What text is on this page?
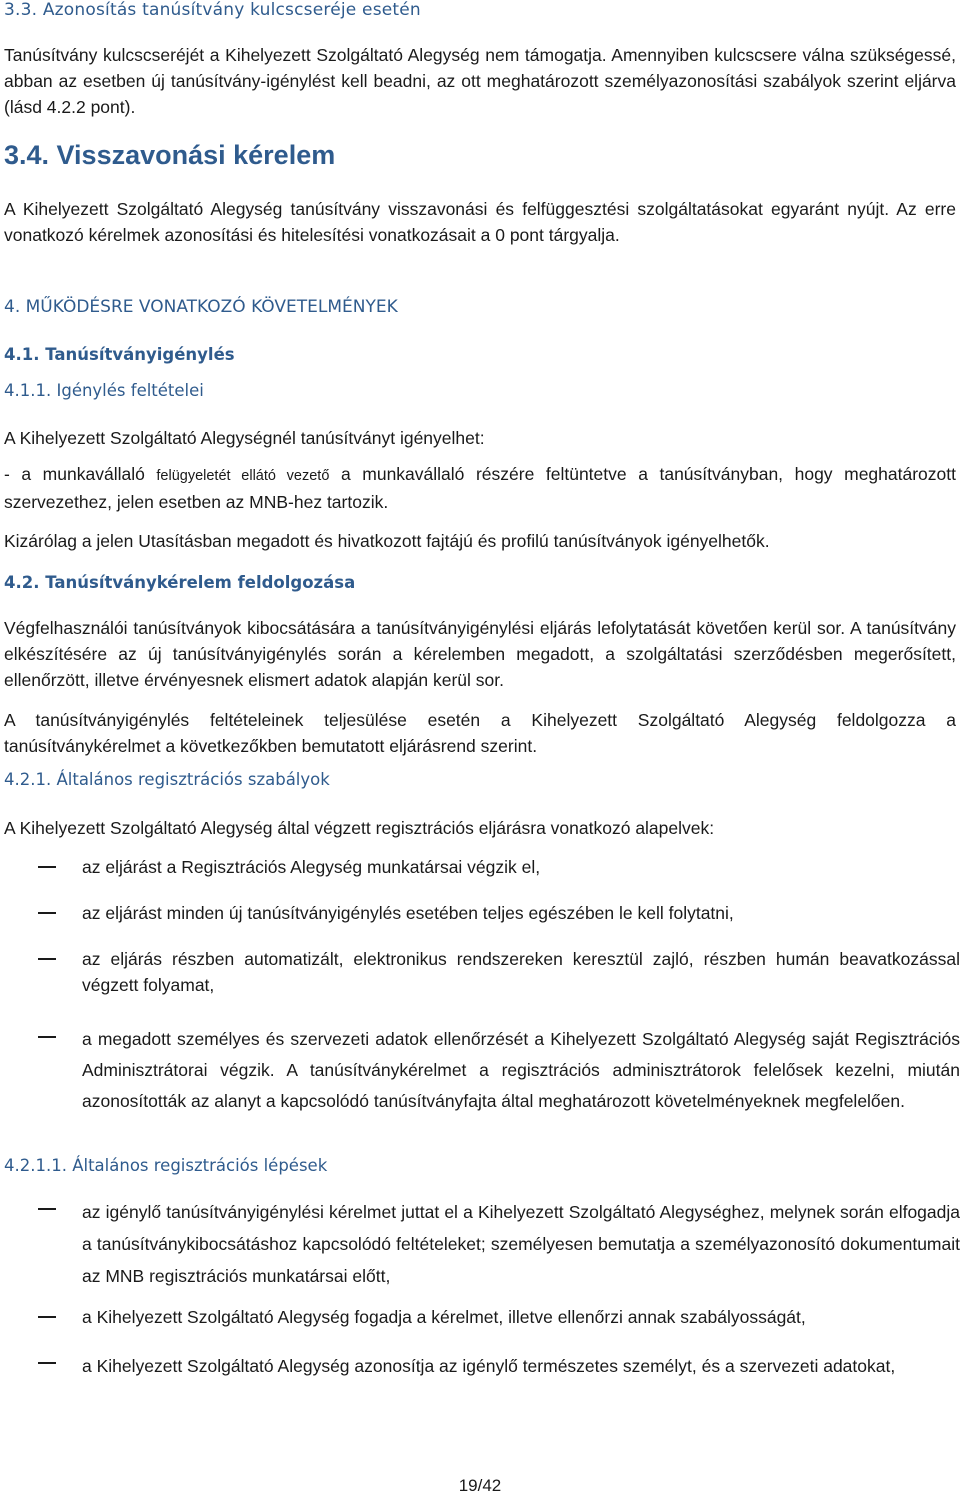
3.3. Azonosítás tanúsítvány kulcscseréje esetén
Tanúsítvány kulcscseréjét a Kihelyezett Szolgáltató Alegység nem támogatja. Amennyiben kulcscsere válna szükségessé, abban az esetben új tanúsítvány-igénylést kell beadni, az ott meghatározott személyazonosítási szabályok szerint eljárva (lásd 4.2.2 pont).
3.4. Visszavonási kérelem
A Kihelyezett Szolgáltató Alegység tanúsítvány visszavonási és felfüggesztési szolgáltatásokat egyaránt nyújt. Az erre vonatkozó kérelmek azonosítási és hitelesítési vonatkozásait a 0 pont tárgyalja.
4. MŰKÖDÉSRE VONATKOZÓ KÖVETELMÉNYEK
4.1. Tanúsítványigénylés
4.1.1. Igénylés feltételei
A Kihelyezett Szolgáltató Alegységnél tanúsítványt igényelhet:
- a munkavállaló felügyeletét ellátó vezető a munkavállaló részére feltüntetve a tanúsítványban, hogy meghatározott szervezethez, jelen esetben az MNB-hez tartozik.
Kizárólag a jelen Utasításban megadott és hivatkozott fajtájú és profilú tanúsítványok igényelhetők.
4.2. Tanúsítványkérelem feldolgozása
Végfelhasználói tanúsítványok kibocsátására a tanúsítványigénylési eljárás lefolytatását követően kerül sor. A tanúsítvány elkészítésére az új tanúsítványigénylés során a kérelemben megadott, a szolgáltatási szerződésben megerősített, ellenőrzött, illetve érvényesnek elismert adatok alapján kerül sor.
A tanúsítványigénylés feltételeinek teljesülése esetén a Kihelyezett Szolgáltató Alegység feldolgozza a tanúsítványkérelmet a következőkben bemutatott eljárásrend szerint.
4.2.1. Általános regisztrációs szabályok
A Kihelyezett Szolgáltató Alegység által végzett regisztrációs eljárásra vonatkozó alapelvek:
az eljárást a Regisztrációs Alegység munkatársai végzik el,
az eljárást minden új tanúsítványigénylés esetében teljes egészében le kell folytatni,
az eljárás részben automatizált, elektronikus rendszereken keresztül zajló, részben humán beavatkozással végzett folyamat,
a megadott személyes és szervezeti adatok ellenőrzését a Kihelyezett Szolgáltató Alegység saját Regisztrációs Adminisztrátorai végzik. A tanúsítványkérelmet a regisztrációs adminisztrátorok felelősek kezelni, miután azonosították az alanyt a kapcsolódó tanúsítványfajta által meghatározott követelményeknek megfelelően.
4.2.1.1. Általános regisztrációs lépések
az igénylő tanúsítványigénylési kérelmet juttat el a Kihelyezett Szolgáltató Alegységhez, melynek során elfogadja a tanúsítványkibocsátáshoz kapcsolódó feltételeket; személyesen bemutatja a személyazonosító dokumentumait az MNB regisztrációs munkatársai előtt,
a Kihelyezett Szolgáltató Alegység fogadja a kérelmet, illetve ellenőrzi annak szabályosságát,
a Kihelyezett Szolgáltató Alegység azonosítja az igénylő természetes személyt, és a szervezeti adatokat,
19/42
